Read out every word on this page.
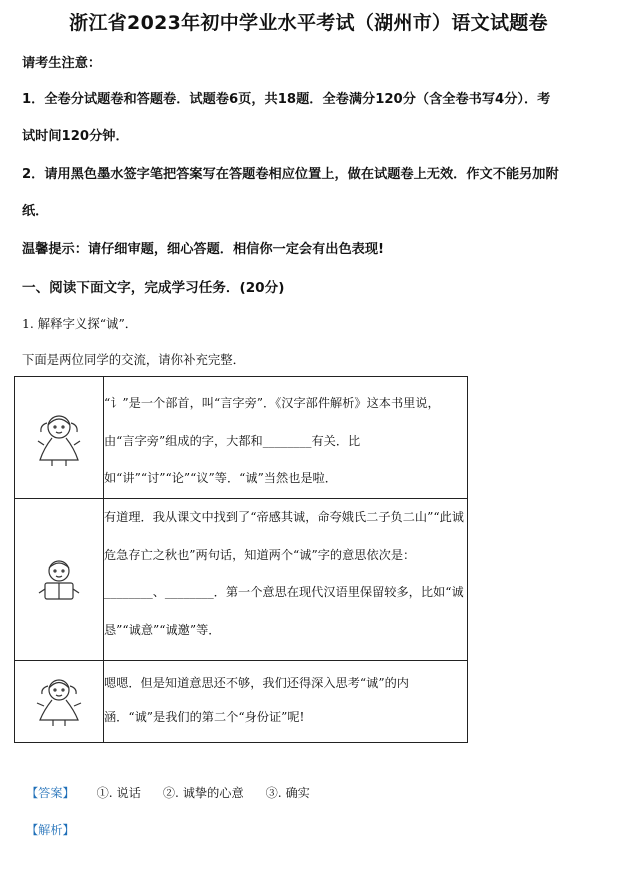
浙江省2023年初中学业水平考试（湖州市）语文试题卷
请考生注意：
1．全卷分试题卷和答题卷．试题卷6页，共18题．全卷满分120分（含全卷书写4分）．考
试时间120分钟．
2．请用黑色墨水签字笔把答案写在答题卷相应位置上，做在试题卷上无效．作文不能另加附
纸．
温馨提示：请仔细审题，细心答题．相信你一定会有出色表现!
一、阅读下面文字，完成学习任务．(20分)
1. 解释字义探“诚”．
下面是两位同学的交流，请你补充完整．
	“讠”是一个部首，叫“言字旁”．《汉字部件解析》这本书里说，由“言字旁”组成的字，大都和________有关．比如“讲”“讨”“论”“议”等．“诚”当然也是啦．

	有道理．我从课文中找到了“帝感其诚，命夸娥氏二子负二山”“此诚危急存亡之秋也”两句话，知道两个“诚”字的意思依次是：________、________．第一个意思在现代汉语里保留较多，比如“诚恳”“诚意”“诚邀”等．

	嗯嗯．但是知道意思还不够，我们还得深入思考“诚”的内涵．“诚”是我们的第二个“身份证”呢!
【答案】 ①. 说话 ②. 诚挚的心意 ③. 确实
【解析】
